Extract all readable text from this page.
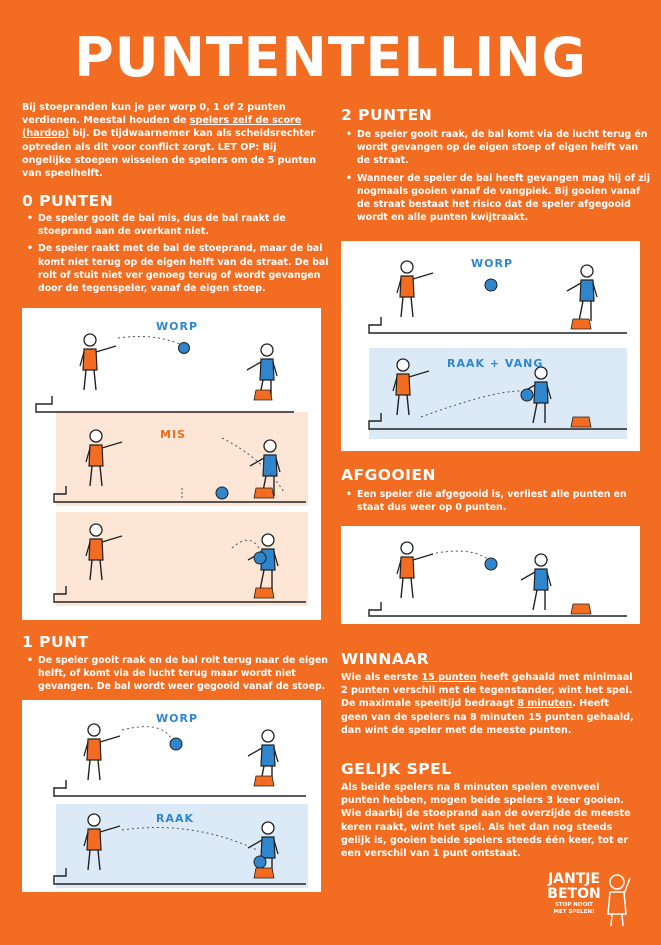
PUNTENTELLING
Bij stoepranden kun je per worp 0, 1 of 2 punten verdienen. Meestal houden de spelers zelf de score (hardop) bij. De tijdwaarnemer kan als scheidsrechter optreden als dit voor conflict zorgt. LET OP: Bij ongelijke stoepen wisselen de spelers om de 5 punten van speelhelft.
0 PUNTEN
• De speler gooit de bal mis, dus de bal raakt de stoeprand aan de overkant niet.
• De speler raakt met de bal de stoeprand, maar de bal komt niet terug op de eigen helft van de straat. De bal rolt of stuit niet ver genoeg terug of wordt gevangen door de tegenspeler, vanaf de eigen stoep.
WORP
MIS
1 PUNT
• De speler gooit raak en de bal rolt terug naar de eigen helft, of komt via de lucht terug maar wordt niet gevangen. De bal wordt weer gegooid vanaf de stoep.
WORP
RAAK
2 PUNTEN
• De speler gooit raak, de bal komt via de lucht terug én wordt gevangen op de eigen stoep of eigen helft van de straat.
• Wanneer de speler de bal heeft gevangen mag hij of zij nogmaals gooien vanaf de vangplek. Bij gooien vanaf de straat bestaat het risico dat de speler afgegooid wordt en alle punten kwijtraakt.
WORP
RAAK + VANG
AFGOOIEN
• Een speler die afgegooid is, verliest alle punten en staat dus weer op 0 punten.
WINNAAR
Wie als eerste 15 punten heeft gehaald met minimaal 2 punten verschil met de tegenstander, wint het spel. De maximale speeltijd bedraagt 8 minuten. Heeft geen van de spelers na 8 minuten 15 punten gehaald, dan wint de speler met de meeste punten.
GELIJK SPEL
Als beide spelers na 8 minuten spelen evenveel punten hebben, mogen beide spelers 3 keer gooien. Wie daarbij de stoeprand aan de overzijde de meeste keren raakt, wint het spel. Als het dan nog steeds gelijk is, gooien beide spelers steeds één keer, tot er een verschil van 1 punt ontstaat.
JANTJE
BETON
STOP NOOIT
MET SPELEN!
